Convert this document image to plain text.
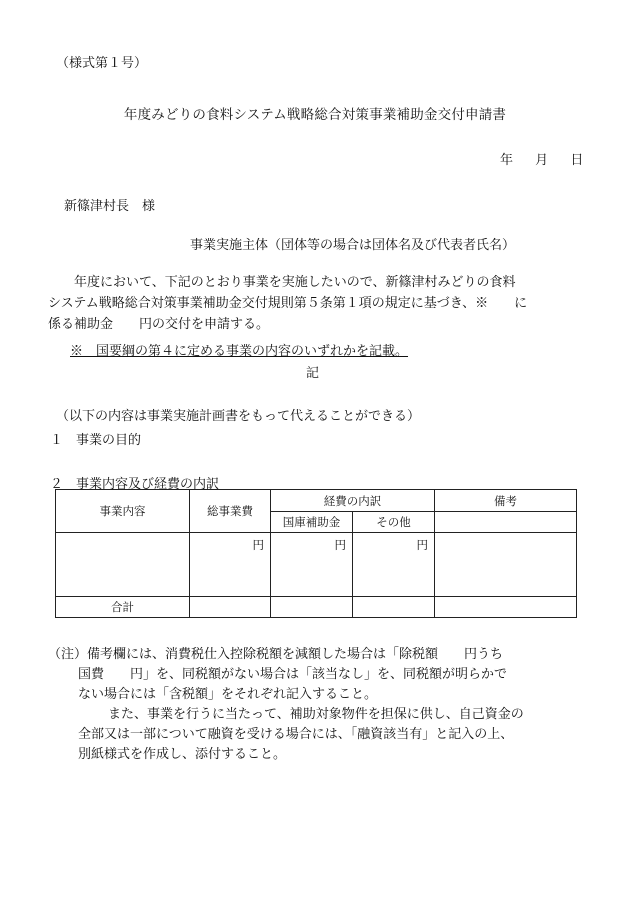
（様式第１号）
年度みどりの食料システム戦略総合対策事業補助金交付申請書
年 月 日
新篠津村長　様
事業実施主体（団体等の場合は団体名及び代表者氏名）
　　年度において、下記のとおり事業を実施したいので、新篠津村みどりの食料
システム戦略総合対策事業補助金交付規則第５条第１項の規定に基づき、※　　に
係る補助金　　円の交付を申請する。
※　国要綱の第４に定める事業の内容のいずれかを記載。
記
（以下の内容は事業実施計画書をもって代えることができる）
１　事業の目的
２　事業内容及び経費の内訳
事業内容	総事業費	経費の内訳		備考
		国庫補助金	その他	
	円	円	円	
合計				
（注）備考欄には、消費税仕入控除税額を減額した場合は「除税額　　円うち
国費　　円」を、同税額がない場合は「該当なし」を、同税額が明らかで
ない場合には「含税額」をそれぞれ記入すること。
また、事業を行うに当たって、補助対象物件を担保に供し、自己資金の
全部又は一部について融資を受ける場合には、「融資該当有」と記入の上、
別紙様式を作成し、添付すること。
